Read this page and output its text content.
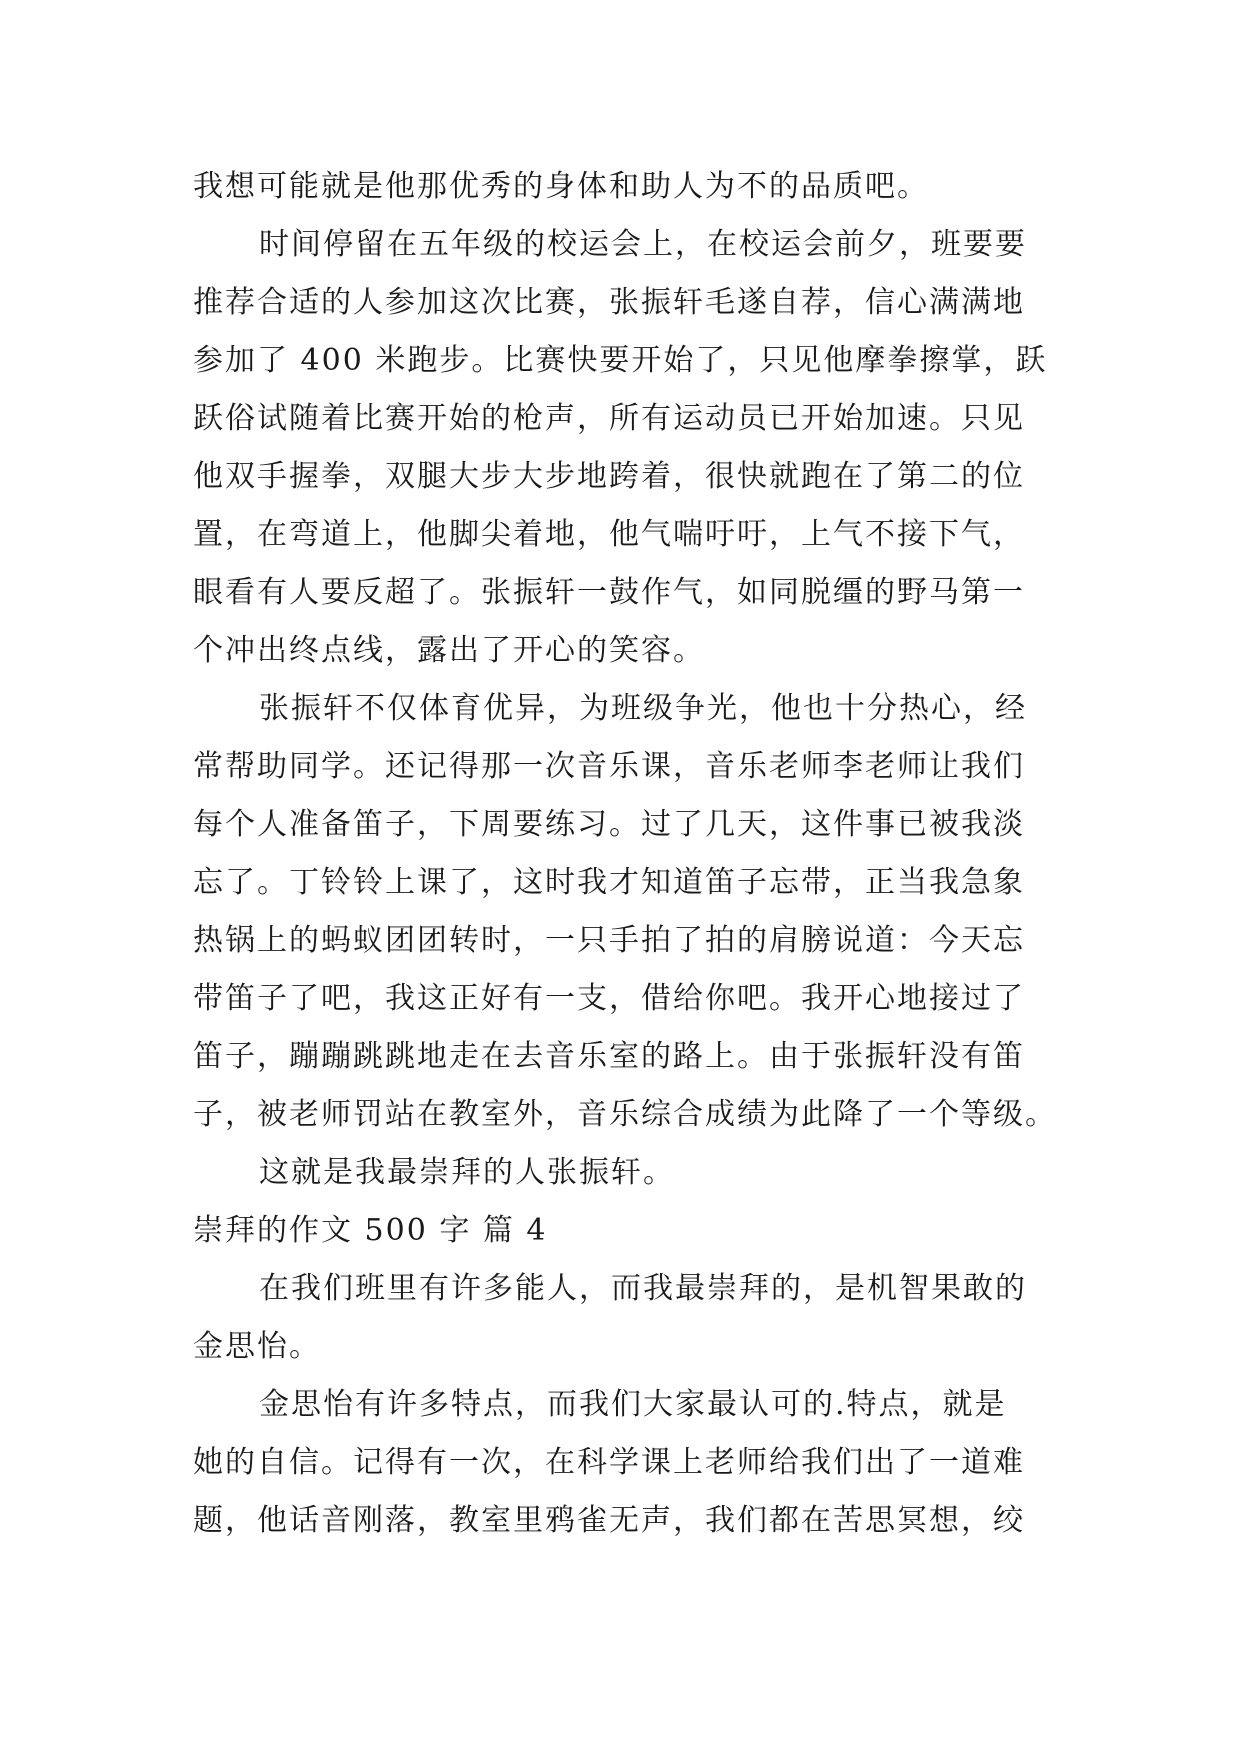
我想可能就是他那优秀的身体和助人为不的品质吧。
时间停留在五年级的校运会上，在校运会前夕，班要要
推荐合适的人参加这次比赛，张振轩毛遂自荐，信心满满地
参加了 400 米跑步。比赛快要开始了，只见他摩拳擦掌，跃
跃俗试随着比赛开始的枪声，所有运动员已开始加速。只见
他双手握拳，双腿大步大步地跨着，很快就跑在了第二的位
置，在弯道上，他脚尖着地，他气喘吁吁，上气不接下气，
眼看有人要反超了。张振轩一鼓作气，如同脱缰的野马第一
个冲出终点线，露出了开心的笑容。
张振轩不仅体育优异，为班级争光，他也十分热心，经
常帮助同学。还记得那一次音乐课，音乐老师李老师让我们
每个人准备笛子，下周要练习。过了几天，这件事已被我淡
忘了。丁铃铃上课了，这时我才知道笛子忘带，正当我急象
热锅上的蚂蚁团团转时，一只手拍了拍的肩膀说道：今天忘
带笛子了吧，我这正好有一支，借给你吧。我开心地接过了
笛子，蹦蹦跳跳地走在去音乐室的路上。由于张振轩没有笛
子，被老师罚站在教室外，音乐综合成绩为此降了一个等级。
这就是我最崇拜的人张振轩。
崇拜的作文 500 字 篇 4
在我们班里有许多能人，而我最崇拜的，是机智果敢的
金思怡。
金思怡有许多特点，而我们大家最认可的.特点，就是
她的自信。记得有一次，在科学课上老师给我们出了一道难
题，他话音刚落，教室里鸦雀无声，我们都在苦思冥想，绞
